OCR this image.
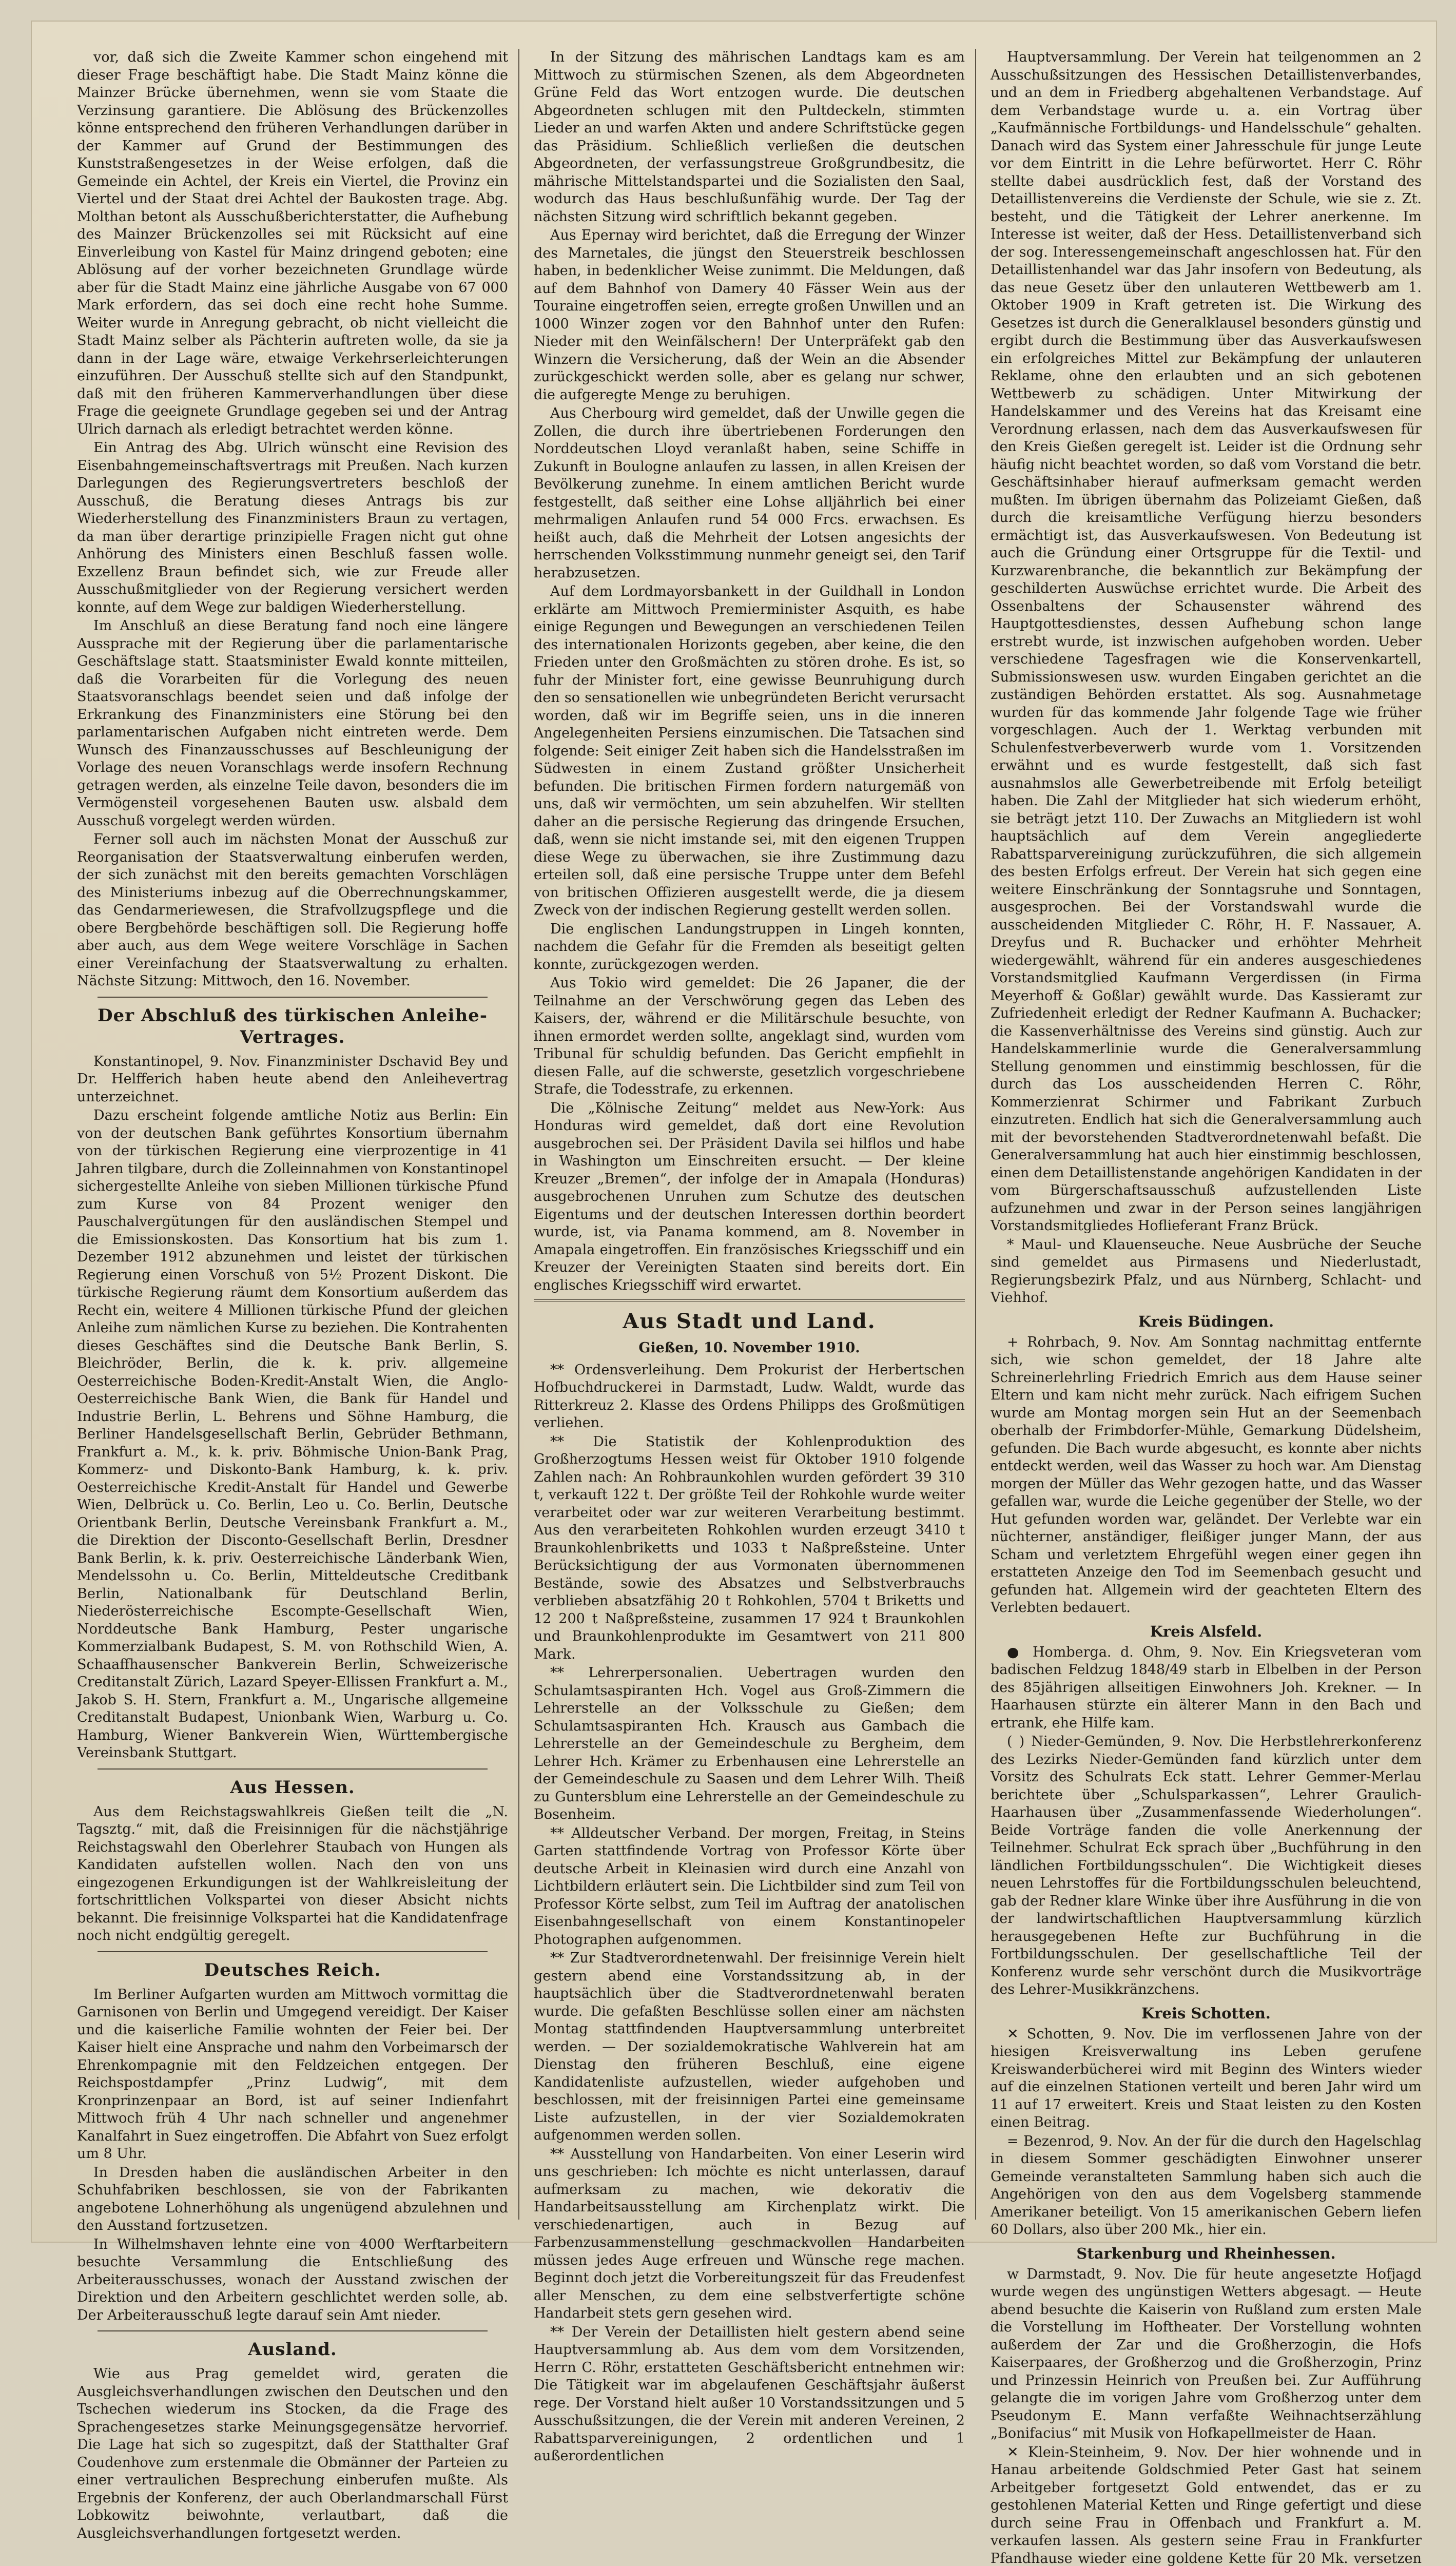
vor, daß sich die Zweite Kammer schon eingehend mit dieser Frage beschäftigt habe. Die Stadt Mainz könne die Mainzer Brücke übernehmen, wenn sie vom Staate die Verzinsung garantiere. Die Ablösung des Brückenzolles könne entsprechend den früheren Verhandlungen darüber in der Kammer auf Grund der Bestimmungen des Kunststraßengesetzes in der Weise erfolgen, daß die Gemeinde ein Achtel, der Kreis ein Viertel, die Provinz ein Viertel und der Staat drei Achtel der Baukosten trage. Abg. Molthan betont als Ausschußberichterstatter, die Aufhebung des Mainzer Brückenzolles sei mit Rücksicht auf eine Einverleibung von Kastel für Mainz dringend geboten; eine Ablösung auf der vorher bezeichneten Grundlage würde aber für die Stadt Mainz eine jährliche Ausgabe von 67 000 Mark erfordern, das sei doch eine recht hohe Summe. Weiter wurde in Anregung gebracht, ob nicht vielleicht die Stadt Mainz selber als Pächterin auftreten wolle, da sie ja dann in der Lage wäre, etwaige Verkehrserleichterungen einzuführen. Der Ausschuß stellte sich auf den Standpunkt, daß mit den früheren Kammerverhandlungen über diese Frage die geeignete Grundlage gegeben sei und der Antrag Ulrich darnach als erledigt betrachtet werden könne.

Ein Antrag des Abg. Ulrich wünscht eine Revision des Eisenbahngemeinschaftsvertrags mit Preußen. Nach kurzen Darlegungen des Regierungsvertreters beschloß der Ausschuß, die Beratung dieses Antrags bis zur Wiederherstellung des Finanzministers Braun zu vertagen, da man über derartige prinzipielle Fragen nicht gut ohne Anhörung des Ministers einen Beschluß fassen wolle. Exzellenz Braun befindet sich, wie zur Freude aller Ausschußmitglieder von der Regierung versichert werden konnte, auf dem Wege zur baldigen Wiederherstellung.

Im Anschluß an diese Beratung fand noch eine längere Aussprache mit der Regierung über die parlamentarische Geschäftslage statt. Staatsminister Ewald konnte mitteilen, daß die Vorarbeiten für die Vorlegung des neuen Staatsvoranschlags beendet seien und daß infolge der Erkrankung des Finanzministers eine Störung bei den parlamentarischen Aufgaben nicht eintreten werde. Dem Wunsch des Finanzausschusses auf Beschleunigung der Vorlage des neuen Voranschlags werde insofern Rechnung getragen werden, als einzelne Teile davon, besonders die im Vermögensteil vorgesehenen Bauten usw. alsbald dem Ausschuß vorgelegt werden würden.

Ferner soll auch im nächsten Monat der Ausschuß zur Reorganisation der Staatsverwaltung einberufen werden, der sich zunächst mit den bereits gemachten Vorschlägen des Ministeriums inbezug auf die Oberrechnungskammer, das Gendarmeriewesen, die Strafvollzugspflege und die obere Bergbehörde beschäftigen soll. Die Regierung hoffe aber auch, aus dem Wege weitere Vorschläge in Sachen einer Vereinfachung der Staatsverwaltung zu erhalten. Nächste Sitzung: Mittwoch, den 16. November.

Der Abschluß des türkischen Anleihe-Vertrages.

Konstantinopel, 9. Nov. Finanzminister Dschavid Bey und Dr. Helfferich haben heute abend den Anleihevertrag unterzeichnet.

Dazu erscheint folgende amtliche Notiz aus Berlin: Ein von der deutschen Bank geführtes Konsortium übernahm von der türkischen Regierung eine vierprozentige in 41 Jahren tilgbare, durch die Zolleinnahmen von Konstantinopel sichergestellte Anleihe von sieben Millionen türkische Pfund zum Kurse von 84 Prozent weniger den Pauschalvergütungen für den ausländischen Stempel und die Emissionskosten. Das Konsortium hat bis zum 1. Dezember 1912 abzunehmen und leistet der türkischen Regierung einen Vorschuß von 5½ Prozent Diskont. Die türkische Regierung räumt dem Konsortium außerdem das Recht ein, weitere 4 Millionen türkische Pfund der gleichen Anleihe zum nämlichen Kurse zu beziehen. Die Kontrahenten dieses Geschäftes sind die Deutsche Bank Berlin, S. Bleichröder, Berlin, die k. k. priv. allgemeine Oesterreichische Boden-Kredit-Anstalt Wien, die Anglo-Oesterreichische Bank Wien, die Bank für Handel und Industrie Berlin, L. Behrens und Söhne Hamburg, die Berliner Handelsgesellschaft Berlin, Gebrüder Bethmann, Frankfurt a. M., k. k. priv. Böhmische Union-Bank Prag, Kommerz- und Diskonto-Bank Hamburg, k. k. priv. Oesterreichische Kredit-Anstalt für Handel und Gewerbe Wien, Delbrück u. Co. Berlin, Leo u. Co. Berlin, Deutsche Orientbank Berlin, Deutsche Vereinsbank Frankfurt a. M., die Direktion der Disconto-Gesellschaft Berlin, Dresdner Bank Berlin, k. k. priv. Oesterreichische Länderbank Wien, Mendelssohn u. Co. Berlin, Mitteldeutsche Creditbank Berlin, Nationalbank für Deutschland Berlin, Niederösterreichische Escompte-Gesellschaft Wien, Norddeutsche Bank Hamburg, Pester ungarische Kommerzialbank Budapest, S. M. von Rothschild Wien, A. Schaaffhausenscher Bankverein Berlin, Schweizerische Creditanstalt Zürich, Lazard Speyer-Ellissen Frankfurt a. M., Jakob S. H. Stern, Frankfurt a. M., Ungarische allgemeine Creditanstalt Budapest, Unionbank Wien, Warburg u. Co. Hamburg, Wiener Bankverein Wien, Württembergische Vereinsbank Stuttgart.

Aus Hessen.

Aus dem Reichstagswahlkreis Gießen teilt die „N. Tagsztg.“ mit, daß die Freisinnigen für die nächstjährige Reichstagswahl den Oberlehrer Staubach von Hungen als Kandidaten aufstellen wollen. Nach den von uns eingezogenen Erkundigungen ist der Wahlkreisleitung der fortschrittlichen Volkspartei von dieser Absicht nichts bekannt. Die freisinnige Volkspartei hat die Kandidatenfrage noch nicht endgültig geregelt.

Deutsches Reich.

Im Berliner Aufgarten wurden am Mittwoch vormittag die Garnisonen von Berlin und Umgegend vereidigt. Der Kaiser und die kaiserliche Familie wohnten der Feier bei. Der Kaiser hielt eine Ansprache und nahm den Vorbeimarsch der Ehrenkompagnie mit den Feldzeichen entgegen. Der Reichspostdampfer „Prinz Ludwig“, mit dem Kronprinzenpaar an Bord, ist auf seiner Indienfahrt Mittwoch früh 4 Uhr nach schneller und angenehmer Kanalfahrt in Suez eingetroffen. Die Abfahrt von Suez erfolgt um 8 Uhr.

In Dresden haben die ausländischen Arbeiter in den Schuhfabriken beschlossen, sie von der Fabrikanten angebotene Lohnerhöhung als ungenügend abzulehnen und den Ausstand fortzusetzen.

In Wilhelmshaven lehnte eine von 4000 Werftarbeitern besuchte Versammlung die Entschließung des Arbeiterausschusses, wonach der Ausstand zwischen der Direktion und den Arbeitern geschlichtet werden solle, ab. Der Arbeiterausschuß legte darauf sein Amt nieder.

Ausland.

Wie aus Prag gemeldet wird, geraten die Ausgleichsverhandlungen zwischen den Deutschen und den Tschechen wiederum ins Stocken, da die Frage des Sprachengesetzes starke Meinungsgegensätze hervorrief. Die Lage hat sich so zugespitzt, daß der Statthalter Graf Coudenhove zum erstenmale die Obmänner der Parteien zu einer vertraulichen Besprechung einberufen mußte. Als Ergebnis der Konferenz, der auch Oberlandmarschall Fürst Lobkowitz beiwohnte, verlautbart, daß die Ausgleichsverhandlungen fortgesetzt werden.

In der Sitzung des mährischen Landtags kam es am Mittwoch zu stürmischen Szenen, als dem Abgeordneten Grüne Feld das Wort entzogen wurde. Die deutschen Abgeordneten schlugen mit den Pultdeckeln, stimmten Lieder an und warfen Akten und andere Schriftstücke gegen das Präsidium. Schließlich verließen die deutschen Abgeordneten, der verfassungstreue Großgrundbesitz, die mährische Mittelstandspartei und die Sozialisten den Saal, wodurch das Haus beschlußunfähig wurde. Der Tag der nächsten Sitzung wird schriftlich bekannt gegeben.

Aus Epernay wird berichtet, daß die Erregung der Winzer des Marnetales, die jüngst den Steuerstreik beschlossen haben, in bedenklicher Weise zunimmt. Die Meldungen, daß auf dem Bahnhof von Damery 40 Fässer Wein aus der Touraine eingetroffen seien, erregte großen Unwillen und an 1000 Winzer zogen vor den Bahnhof unter den Rufen: Nieder mit den Weinfälschern! Der Unterpräfekt gab den Winzern die Versicherung, daß der Wein an die Absender zurückgeschickt werden solle, aber es gelang nur schwer, die aufgeregte Menge zu beruhigen.

Aus Cherbourg wird gemeldet, daß der Unwille gegen die Zollen, die durch ihre übertriebenen Forderungen den Norddeutschen Lloyd veranlaßt haben, seine Schiffe in Zukunft in Boulogne anlaufen zu lassen, in allen Kreisen der Bevölkerung zunehme. In einem amtlichen Bericht wurde festgestellt, daß seither eine Lohse alljährlich bei einer mehrmaligen Anlaufen rund 54 000 Frcs. erwachsen. Es heißt auch, daß die Mehrheit der Lotsen angesichts der herrschenden Volksstimmung nunmehr geneigt sei, den Tarif herabzusetzen.

Auf dem Lordmayorsbankett in der Guildhall in London erklärte am Mittwoch Premierminister Asquith, es habe einige Regungen und Bewegungen an verschiedenen Teilen des internationalen Horizonts gegeben, aber keine, die den Frieden unter den Großmächten zu stören drohe. Es ist, so fuhr der Minister fort, eine gewisse Beunruhigung durch den so sensationellen wie unbegründeten Bericht verursacht worden, daß wir im Begriffe seien, uns in die inneren Angelegenheiten Persiens einzumischen. Die Tatsachen sind folgende: Seit einiger Zeit haben sich die Handelsstraßen im Südwesten in einem Zustand größter Unsicherheit befunden. Die britischen Firmen fordern naturgemäß von uns, daß wir vermöchten, um sein abzuhelfen. Wir stellten daher an die persische Regierung das dringende Ersuchen, daß, wenn sie nicht imstande sei, mit den eigenen Truppen diese Wege zu überwachen, sie ihre Zustimmung dazu erteilen soll, daß eine persische Truppe unter dem Befehl von britischen Offizieren ausgestellt werde, die ja diesem Zweck von der indischen Regierung gestellt werden sollen.

Die englischen Landungstruppen in Lingeh konnten, nachdem die Gefahr für die Fremden als beseitigt gelten konnte, zurückgezogen werden.

Aus Tokio wird gemeldet: Die 26 Japaner, die der Teilnahme an der Verschwörung gegen das Leben des Kaisers, der, während er die Militärschule besuchte, von ihnen ermordet werden sollte, angeklagt sind, wurden vom Tribunal für schuldig befunden. Das Gericht empfiehlt in diesen Falle, auf die schwerste, gesetzlich vorgeschriebene Strafe, die Todesstrafe, zu erkennen.

Die „Kölnische Zeitung“ meldet aus New-York: Aus Honduras wird gemeldet, daß dort eine Revolution ausgebrochen sei. Der Präsident Davila sei hilflos und habe in Washington um Einschreiten ersucht. — Der kleine Kreuzer „Bremen“, der infolge der in Amapala (Honduras) ausgebrochenen Unruhen zum Schutze des deutschen Eigentums und der deutschen Interessen dorthin beordert wurde, ist, via Panama kommend, am 8. November in Amapala eingetroffen. Ein französisches Kriegsschiff und ein Kreuzer der Vereinigten Staaten sind bereits dort. Ein englisches Kriegsschiff wird erwartet.

Aus Stadt und Land.

Gießen, 10. November 1910.

** Ordensverleihung. Dem Prokurist der Herbertschen Hofbuchdruckerei in Darmstadt, Ludw. Waldt, wurde das Ritterkreuz 2. Klasse des Ordens Philipps des Großmütigen verliehen.

** Die Statistik der Kohlenproduktion des Großherzogtums Hessen weist für Oktober 1910 folgende Zahlen nach: An Rohbraunkohlen wurden gefördert 39 310 t, verkauft 122 t. Der größte Teil der Rohkohle wurde weiter verarbeitet oder war zur weiteren Verarbeitung bestimmt. Aus den verarbeiteten Rohkohlen wurden erzeugt 3410 t Braunkohlenbriketts und 1033 t Naßpreßsteine. Unter Berücksichtigung der aus Vormonaten übernommenen Bestände, sowie des Absatzes und Selbstverbrauchs verblieben absatzfähig 20 t Rohkohlen, 5704 t Briketts und 12 200 t Naßpreßsteine, zusammen 17 924 t Braunkohlen und Braunkohlenprodukte im Gesamtwert von 211 800 Mark.

** Lehrerpersonalien. Uebertragen wurden den Schulamtsaspiranten Hch. Vogel aus Groß-Zimmern die Lehrerstelle an der Volksschule zu Gießen; dem Schulamtsaspiranten Hch. Krausch aus Gambach die Lehrerstelle an der Gemeindeschule zu Bergheim, dem Lehrer Hch. Krämer zu Erbenhausen eine Lehrerstelle an der Gemeindeschule zu Saasen und dem Lehrer Wilh. Theiß zu Guntersblum eine Lehrerstelle an der Gemeindeschule zu Bosenheim.

** Alldeutscher Verband. Der morgen, Freitag, in Steins Garten stattfindende Vortrag von Professor Körte über deutsche Arbeit in Kleinasien wird durch eine Anzahl von Lichtbildern erläutert sein. Die Lichtbilder sind zum Teil von Professor Körte selbst, zum Teil im Auftrag der anatolischen Eisenbahngesellschaft von einem Konstantinopeler Photographen aufgenommen.

** Zur Stadtverordnetenwahl. Der freisinnige Verein hielt gestern abend eine Vorstandssitzung ab, in der hauptsächlich über die Stadtverordnetenwahl beraten wurde. Die gefaßten Beschlüsse sollen einer am nächsten Montag stattfindenden Hauptversammlung unterbreitet werden. — Der sozialdemokratische Wahlverein hat am Dienstag den früheren Beschluß, eine eigene Kandidatenliste aufzustellen, wieder aufgehoben und beschlossen, mit der freisinnigen Partei eine gemeinsame Liste aufzustellen, in der vier Sozialdemokraten aufgenommen werden sollen.

** Ausstellung von Handarbeiten. Von einer Leserin wird uns geschrieben: Ich möchte es nicht unterlassen, darauf aufmerksam zu machen, wie dekorativ die Handarbeitsausstellung am Kirchenplatz wirkt. Die verschiedenartigen, auch in Bezug auf Farbenzusammenstellung geschmackvollen Handarbeiten müssen jedes Auge erfreuen und Wünsche rege machen. Beginnt doch jetzt die Vorbereitungszeit für das Freudenfest aller Menschen, zu dem eine selbstverfertigte schöne Handarbeit stets gern gesehen wird.

** Der Verein der Detaillisten hielt gestern abend seine Hauptversammlung ab. Aus dem vom dem Vorsitzenden, Herrn C. Röhr, erstatteten Geschäftsbericht entnehmen wir: Die Tätigkeit war im abgelaufenen Geschäftsjahr äußerst rege. Der Vorstand hielt außer 10 Vorstandssitzungen und 5 Ausschußsitzungen, die der Verein mit anderen Vereinen, 2 Rabattsparvereinigungen, 2 ordentlichen und 1 außerordentlichen

Hauptversammlung. Der Verein hat teilgenommen an 2 Ausschußsitzungen des Hessischen Detaillistenverbandes, und an dem in Friedberg abgehaltenen Verbandstage. Auf dem Verbandstage wurde u. a. ein Vortrag über „Kaufmännische Fortbildungs- und Handelsschule“ gehalten. Danach wird das System einer Jahresschule für junge Leute vor dem Eintritt in die Lehre befürwortet. Herr C. Röhr stellte dabei ausdrücklich fest, daß der Vorstand des Detaillistenvereins die Verdienste der Schule, wie sie z. Zt. besteht, und die Tätigkeit der Lehrer anerkenne. Im Interesse ist weiter, daß der Hess. Detaillistenverband sich der sog. Interessengemeinschaft angeschlossen hat. Für den Detaillistenhandel war das Jahr insofern von Bedeutung, als das neue Gesetz über den unlauteren Wettbewerb am 1. Oktober 1909 in Kraft getreten ist. Die Wirkung des Gesetzes ist durch die Generalklausel besonders günstig und ergibt durch die Bestimmung über das Ausverkaufswesen ein erfolgreiches Mittel zur Bekämpfung der unlauteren Reklame, ohne den erlaubten und an sich gebotenen Wettbewerb zu schädigen. Unter Mitwirkung der Handelskammer und des Vereins hat das Kreisamt eine Verordnung erlassen, nach dem das Ausverkaufswesen für den Kreis Gießen geregelt ist. Leider ist die Ordnung sehr häufig nicht beachtet worden, so daß vom Vorstand die betr. Geschäftsinhaber hierauf aufmerksam gemacht werden mußten. Im übrigen übernahm das Polizeiamt Gießen, daß durch die kreisamtliche Verfügung hierzu besonders ermächtigt ist, das Ausverkaufswesen. Von Bedeutung ist auch die Gründung einer Ortsgruppe für die Textil- und Kurzwarenbranche, die bekanntlich zur Bekämpfung der geschilderten Auswüchse errichtet wurde. Die Arbeit des Ossenbaltens der Schausenster während des Hauptgottesdienstes, dessen Aufhebung schon lange erstrebt wurde, ist inzwischen aufgehoben worden. Ueber verschiedene Tagesfragen wie die Konservenkartell, Submissionswesen usw. wurden Eingaben gerichtet an die zuständigen Behörden erstattet. Als sog. Ausnahmetage wurden für das kommende Jahr folgende Tage wie früher vorgeschlagen. Auch der 1. Werktag verbunden mit Schulenfestverbeverwerb wurde vom 1. Vorsitzenden erwähnt und es wurde festgestellt, daß sich fast ausnahmslos alle Gewerbetreibende mit Erfolg beteiligt haben. Die Zahl der Mitglieder hat sich wiederum erhöht, sie beträgt jetzt 110. Der Zuwachs an Mitgliedern ist wohl hauptsächlich auf dem Verein angegliederte Rabattsparvereinigung zurückzuführen, die sich allgemein des besten Erfolgs erfreut. Der Verein hat sich gegen eine weitere Einschränkung der Sonntagsruhe und Sonntagen, ausgesprochen. Bei der Vorstandswahl wurde die ausscheidenden Mitglieder C. Röhr, H. F. Nassauer, A. Dreyfus und R. Buchacker und erhöhter Mehrheit wiedergewählt, während für ein anderes ausgeschiedenes Vorstandsmitglied Kaufmann Vergerdissen (in Firma Meyerhoff & Goßlar) gewählt wurde. Das Kassieramt zur Zufriedenheit erledigt der Redner Kaufmann A. Buchacker; die Kassenverhältnisse des Vereins sind günstig. Auch zur Handelskammerlinie wurde die Generalversammlung Stellung genommen und einstimmig beschlossen, für die durch das Los ausscheidenden Herren C. Röhr, Kommerzienrat Schirmer und Fabrikant Zurbuch einzutreten. Endlich hat sich die Generalversammlung auch mit der bevorstehenden Stadtverordnetenwahl befaßt. Die Generalversammlung hat auch hier einstimmig beschlossen, einen dem Detaillistenstande angehörigen Kandidaten in der vom Bürgerschaftsausschuß aufzustellenden Liste aufzunehmen und zwar in der Person seines langjährigen Vorstandsmitgliedes Hoflieferant Franz Brück.

* Maul- und Klauenseuche. Neue Ausbrüche der Seuche sind gemeldet aus Pirmasens und Niederlustadt, Regierungsbezirk Pfalz, und aus Nürnberg, Schlacht- und Viehhof.

Kreis Büdingen.

+ Rohrbach, 9. Nov. Am Sonntag nachmittag entfernte sich, wie schon gemeldet, der 18 Jahre alte Schreinerlehrling Friedrich Emrich aus dem Hause seiner Eltern und kam nicht mehr zurück. Nach eifrigem Suchen wurde am Montag morgen sein Hut an der Seemenbach oberhalb der Frimbdorfer-Mühle, Gemarkung Düdelsheim, gefunden. Die Bach wurde abgesucht, es konnte aber nichts entdeckt werden, weil das Wasser zu hoch war. Am Dienstag morgen der Müller das Wehr gezogen hatte, und das Wasser gefallen war, wurde die Leiche gegenüber der Stelle, wo der Hut gefunden worden war, geländet. Der Verlebte war ein nüchterner, anständiger, fleißiger junger Mann, der aus Scham und verletztem Ehrgefühl wegen einer gegen ihn erstatteten Anzeige den Tod im Seemenbach gesucht und gefunden hat. Allgemein wird der geachteten Eltern des Verlebten bedauert.

Kreis Alsfeld.

● Homberga. d. Ohm, 9. Nov. Ein Kriegsveteran vom badischen Feldzug 1848/49 starb in Elbelben in der Person des 85jährigen allseitigen Einwohners Joh. Krekner. — In Haarhausen stürzte ein älterer Mann in den Bach und ertrank, ehe Hilfe kam.

( ) Nieder-Gemünden, 9. Nov. Die Herbstlehrerkonferenz des Lezirks Nieder-Gemünden fand kürzlich unter dem Vorsitz des Schulrats Eck statt. Lehrer Gemmer-Merlau berichtete über „Schulsparkassen“, Lehrer Graulich-Haarhausen über „Zusammenfassende Wiederholungen“. Beide Vorträge fanden die volle Anerkennung der Teilnehmer. Schulrat Eck sprach über „Buchführung in den ländlichen Fortbildungsschulen“. Die Wichtigkeit dieses neuen Lehrstoffes für die Fortbildungsschulen beleuchtend, gab der Redner klare Winke über ihre Ausführung in die von der landwirtschaftlichen Hauptversammlung kürzlich herausgegebenen Hefte zur Buchführung in die Fortbildungsschulen. Der gesellschaftliche Teil der Konferenz wurde sehr verschönt durch die Musikvorträge des Lehrer-Musikkränzchens.

Kreis Schotten.

✕ Schotten, 9. Nov. Die im verflossenen Jahre von der hiesigen Kreisverwaltung ins Leben gerufene Kreiswanderbücherei wird mit Beginn des Winters wieder auf die einzelnen Stationen verteilt und beren Jahr wird um 11 auf 17 erweitert. Kreis und Staat leisten zu den Kosten einen Beitrag.

= Bezenrod, 9. Nov. An der für die durch den Hagelschlag in diesem Sommer geschädigten Einwohner unserer Gemeinde veranstalteten Sammlung haben sich auch die Angehörigen von den aus dem Vogelsberg stammende Amerikaner beteiligt. Von 15 amerikanischen Gebern liefen 60 Dollars, also über 200 Mk., hier ein.

Starkenburg und Rheinhessen.

w Darmstadt, 9. Nov. Die für heute angesetzte Hofjagd wurde wegen des ungünstigen Wetters abgesagt. — Heute abend besuchte die Kaiserin von Rußland zum ersten Male die Vorstellung im Hoftheater. Der Vorstellung wohnten außerdem der Zar und die Großherzogin, die Hofs Kaiserpaares, der Großherzog und die Großherzogin, Prinz und Prinzessin Heinrich von Preußen bei. Zur Aufführung gelangte die im vorigen Jahre vom Großherzog unter dem Pseudonym E. Mann verfaßte Weihnachtserzählung „Bonifacius“ mit Musik von Hofkapellmeister de Haan.

✕ Klein-Steinheim, 9. Nov. Der hier wohnende und in Hanau arbeitende Goldschmied Peter Gast hat seinem Arbeitgeber fortgesetzt Gold entwendet, das er zu gestohlenen Material Ketten und Ringe gefertigt und diese durch seine Frau in Offenbach und Frankfurt a. M. verkaufen lassen. Als gestern seine Frau in Frankfurter Pfandhause wieder eine goldene Kette für 20 Mk. versetzen
